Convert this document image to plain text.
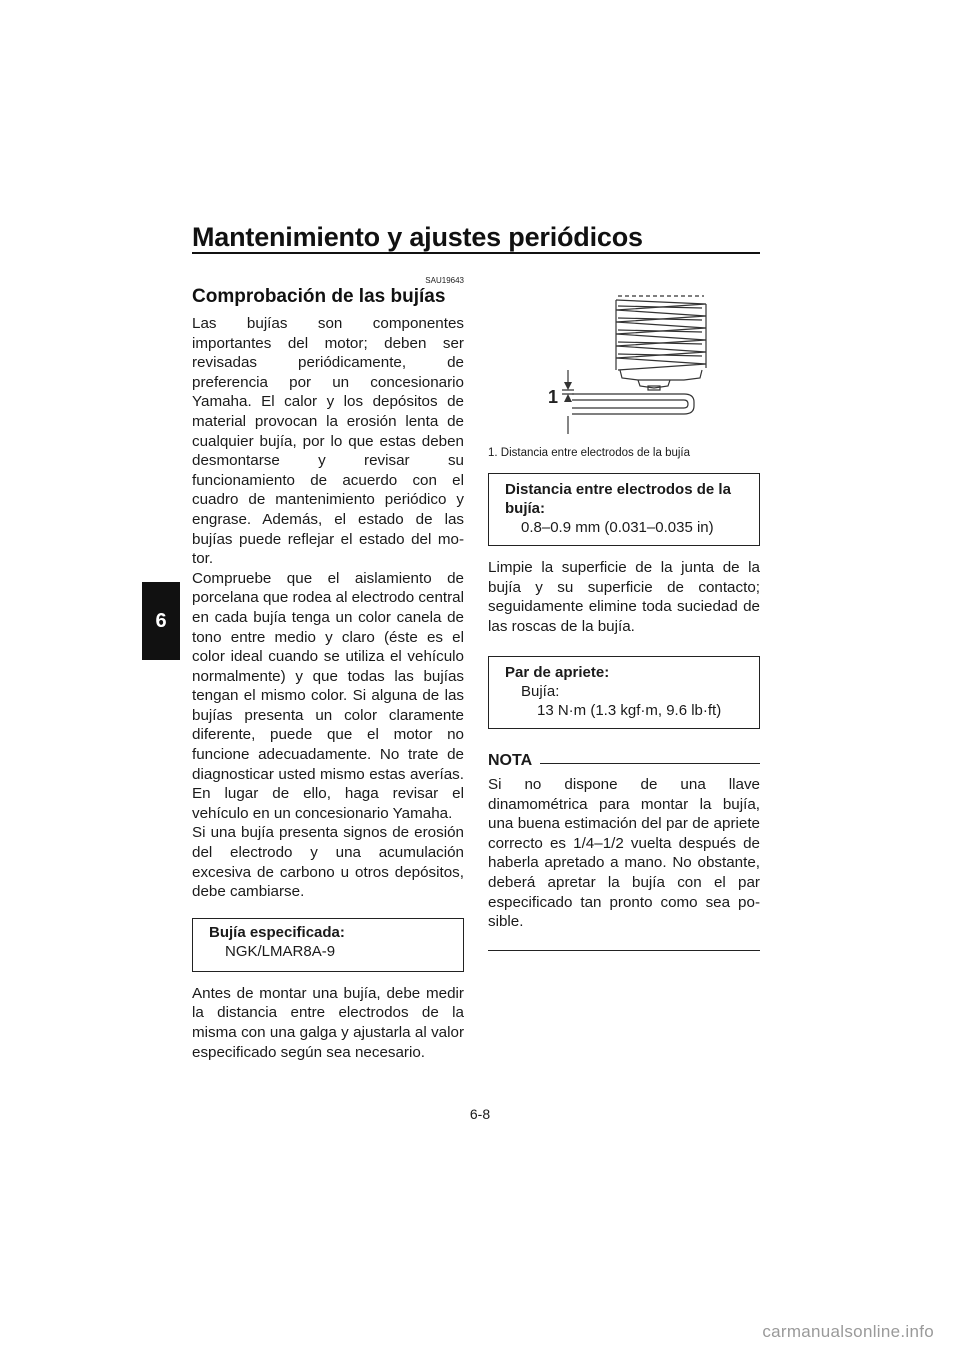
Mantenimiento y ajustes periódicos
6
SAU19643
Comprobación de las bujías

Las bujías son componentes importantes del motor; deben ser revisadas periódicamente, de preferencia por un concesionario Yamaha. El calor y los depósitos de material provocan la erosión lenta de cualquier bujía, por lo que estas deben desmontarse y revisar su funcionamiento de acuerdo con el cuadro de mantenimiento periódico y engrase. Además, el estado de las bujías puede reflejar el estado del motor.

Compruebe que el aislamiento de porcelana que rodea al electrodo central en cada bujía tenga un color canela de tono entre medio y claro (éste es el color ideal cuando se utiliza el vehículo normalmente) y que todas las bujías tengan el mismo color. Si alguna de las bujías presenta un color claramente diferente, puede que el motor no funcione adecuadamente. No trate de diagnosticar usted mismo estas averías. En lugar de ello, haga revisar el vehículo en un concesionario Yamaha.

Si una bujía presenta signos de erosión del electrodo y una acumulación excesiva de carbono u otros depósitos, debe cambiarse.

Bujía especificada:
NGK/LMAR8A-9

Antes de montar una bujía, debe medir la distancia entre electrodos de la misma con una galga y ajustarla al valor especificado según sea necesario.

1
1. Distancia entre electrodos de la bujía
Distancia entre electrodos de la bujía:
0.8–0.9 mm (0.031–0.035 in)

Limpie la superficie de la junta de la bujía y su superficie de contacto; seguidamente elimine toda suciedad de las roscas de la bujía.

Par de apriete:
Bujía:
13 N·m (1.3 kgf·m, 9.6 lb·ft)
NOTA

Si no dispone de una llave dinamométrica para montar la bujía, una buena estimación del par de apriete correcto es 1/4–1/2 vuelta después de haberla apretado a mano. No obstante, deberá apretar la bujía con el par especificado tan pronto como sea posible.

6-8
carmanualsonline.info
